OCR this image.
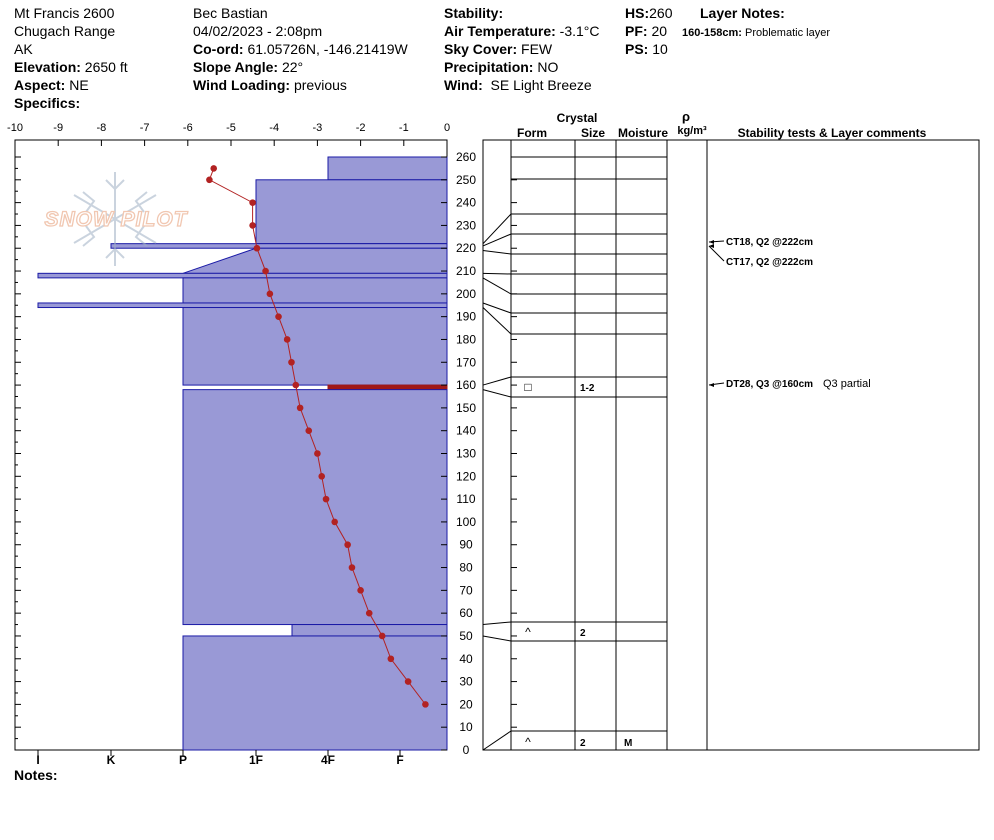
Mt Francis 2600
Chugach Range
AK
Elevation: 2650 ft
Aspect: NE
Specifics:
Bec Bastian
04/02/2023 - 2:08pm
Co-ord: 61.05726N, -146.21419W
Slope Angle: 22°
Wind Loading: previous
Stability:
Air Temperature: -3.1°C
Sky Cover: FEW
Precipitation: NO
Wind: SE Light Breeze
HS:260
PF: 20
PS: 10
Layer Notes:
160-158cm: Problematic layer
Notes:
-10	-9	-8	-7	-6	-5	-4	-3	-2	-1	0
I	K	P	1F	4F	F
0
10
20
30
40
50
60
70
80
90
100
110
120
130
140
150
160
170
180
190
200
210
220
230
240
250
260
□	1-2
^	2
^	2	M
CT18, Q2 @222cm
CT17, Q2 @222cm
DT28, Q3 @160cm Q3 partial
SNOW PILOT
Crystal
Form	Size Moisture
ρ
kg/m³	Stability tests & Layer comments
